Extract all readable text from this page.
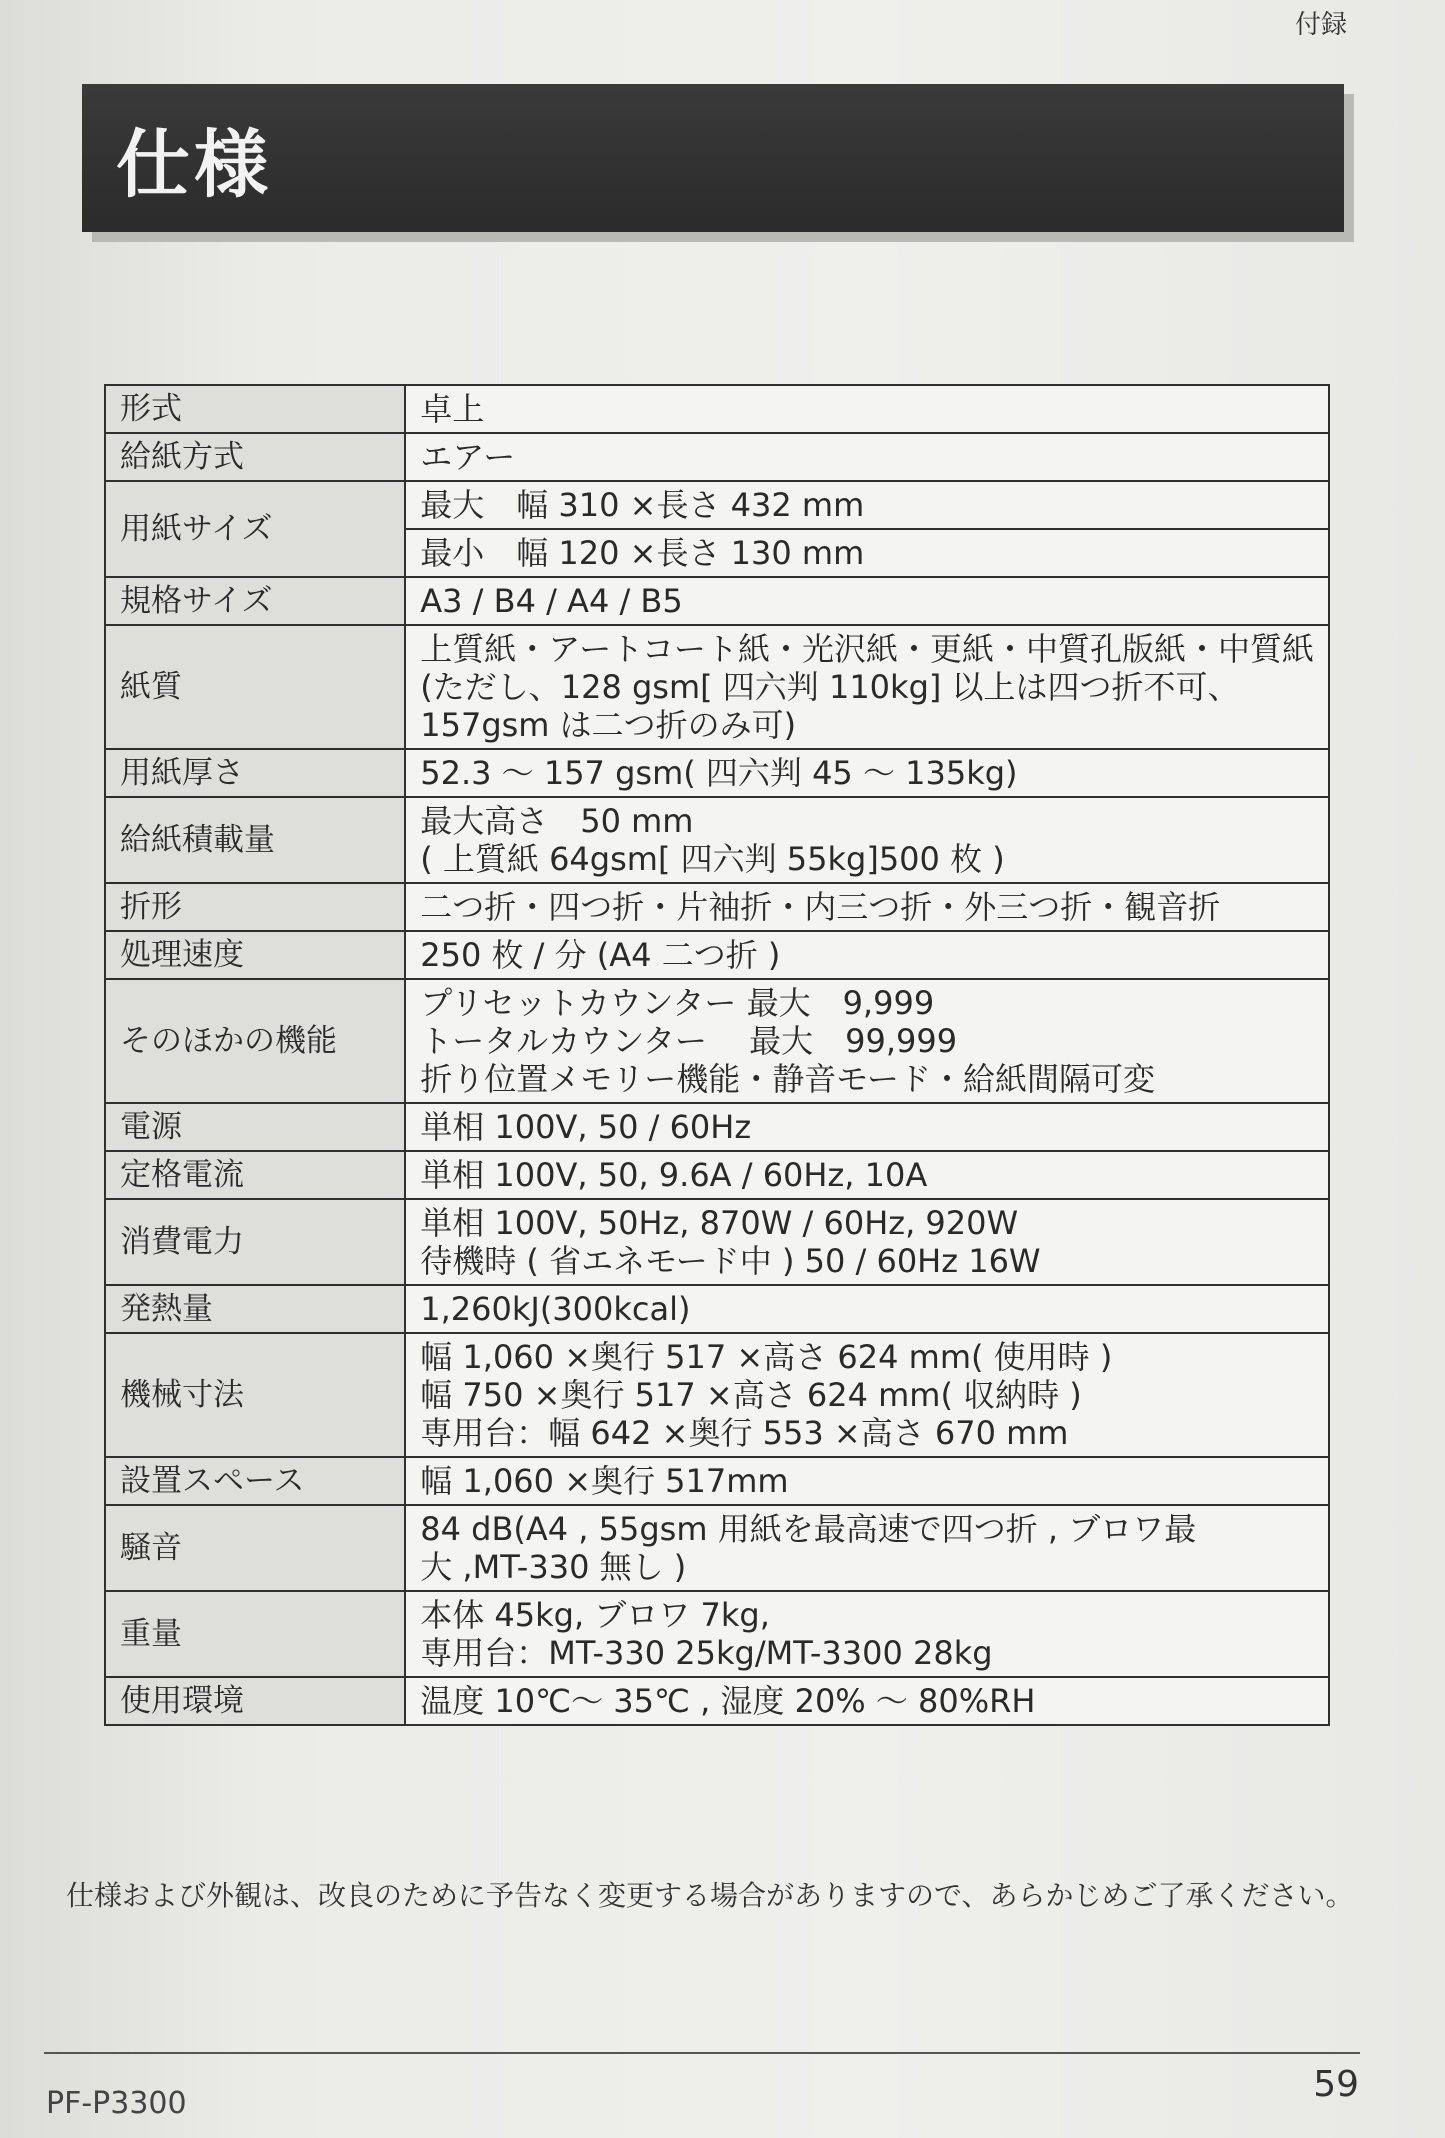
付録
仕様
形式	卓上

給紙方式	エアー

用紙サイズ	最大　幅 310 ×長さ 432 mm
	最小　幅 120 ×長さ 130 mm
規格サイズ	A3 / B4 / A4 / B5

紙質	上質紙・アートコート紙・光沢紙・更紙・中質孔版紙・中質紙
(ただし、128 gsm[ 四六判 110kg] 以上は四つ折不可、
157gsm は二つ折のみ可)

用紙厚さ	52.3 ～ 157 gsm( 四六判 45 ～ 135kg)

給紙積載量	最大高さ　50 mm
( 上質紙 64gsm[ 四六判 55kg]500 枚 )

折形	二つ折・四つ折・片袖折・内三つ折・外三つ折・観音折

処理速度	250 枚 / 分 (A4 二つ折 )

そのほかの機能	プリセットカウンター 最大　9,999
トータルカウンター　 最大　99,999
折り位置メモリー機能・静音モード・給紙間隔可変

電源	単相 100V, 50 / 60Hz

定格電流	単相 100V, 50, 9.6A / 60Hz, 10A

消費電力	単相 100V, 50Hz, 870W / 60Hz, 920W
待機時 ( 省エネモード中 ) 50 / 60Hz 16W

発熱量	1,260kJ(300kcal)

機械寸法	幅 1,060 ×奥行 517 ×高さ 624 mm( 使用時 )
幅 750 ×奥行 517 ×高さ 624 mm( 収納時 )
専用台：幅 642 ×奥行 553 ×高さ 670 mm

設置スペース	幅 1,060 ×奥行 517mm

騒音	84 dB(A4 , 55gsm 用紙を最高速で四つ折 , ブロワ最
大 ,MT-330 無し )

重量	本体 45kg, ブロワ 7kg,
専用台：MT-330 25kg/MT-3300 28kg

使用環境	温度 10℃～ 35℃ , 湿度 20% ～ 80%RH
仕様および外観は、改良のために予告なく変更する場合がありますので、あらかじめご了承ください。
PF-P3300	59
